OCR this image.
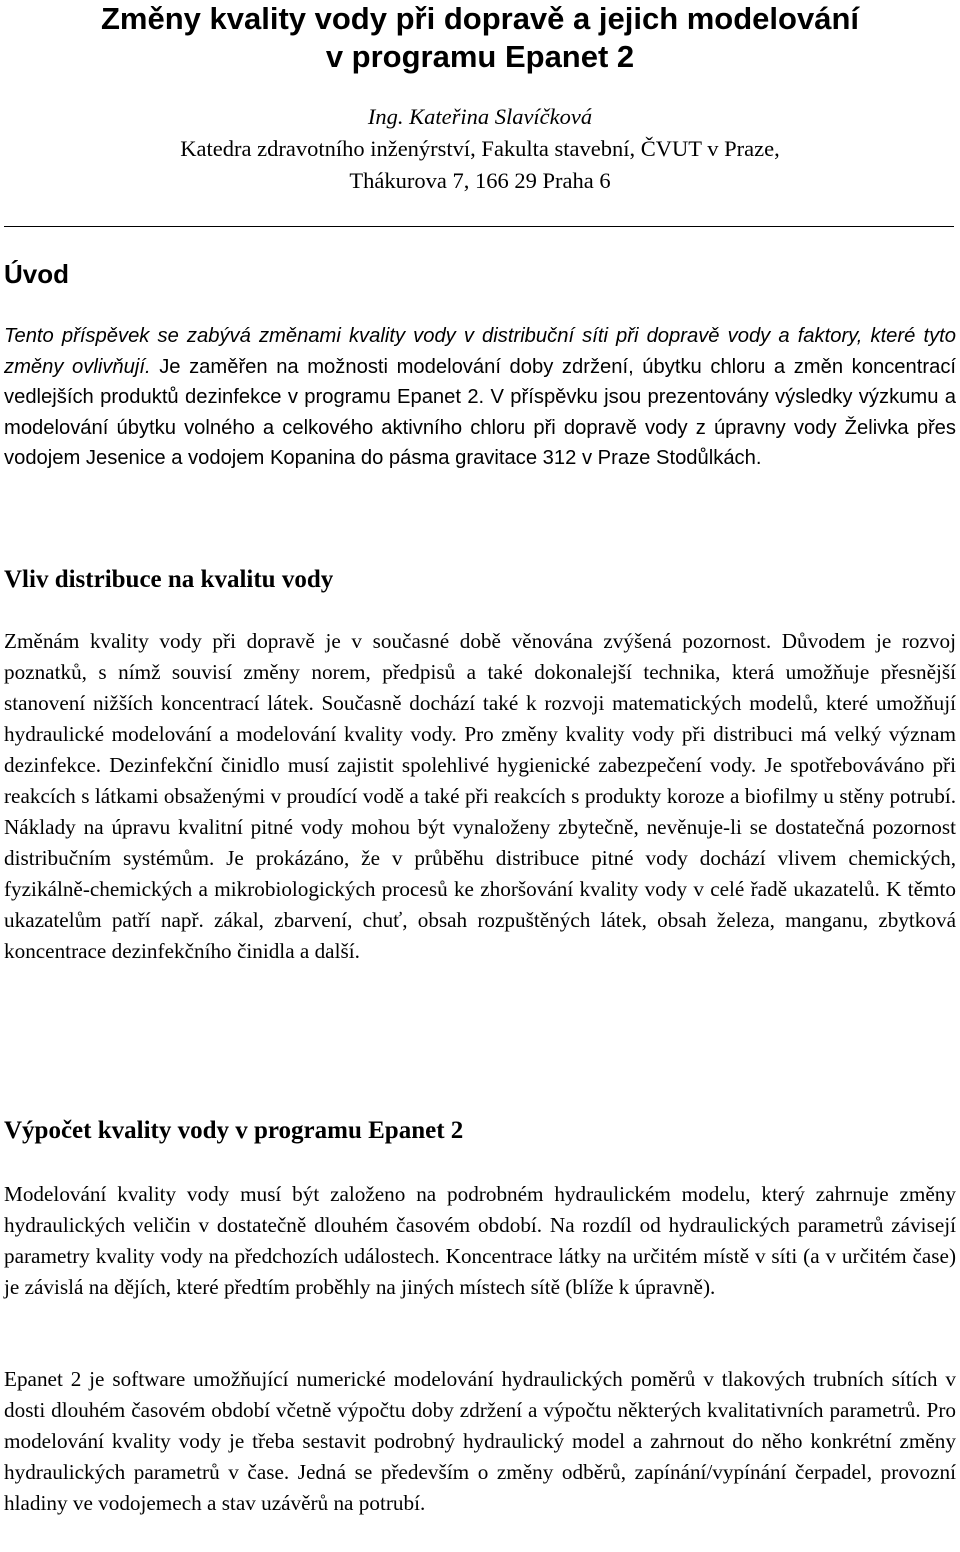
Změny kvality vody při dopravě a jejich modelování
v programu Epanet 2
Ing. Kateřina Slavíčková
Katedra zdravotního inženýrství, Fakulta stavební, ČVUT v Praze,
Thákurova 7, 166 29 Praha 6
Úvod

Tento příspěvek se zabývá změnami kvality vody v distribuční síti při dopravě vody a faktory, které tyto změny ovlivňují. Je zaměřen na možnosti modelování doby zdržení, úbytku chloru a změn koncentrací vedlejších produktů dezinfekce v programu Epanet 2. V příspěvku jsou prezentovány výsledky výzkumu a modelování úbytku volného a celkového aktivního chloru při dopravě vody z úpravny vody Želivka přes vodojem Jesenice a vodojem Kopanina do pásma gravitace 312 v Praze Stodůlkách.

Vliv distribuce na kvalitu vody

Změnám kvality vody při dopravě je v současné době věnována zvýšená pozornost. Důvodem je rozvoj poznatků, s nímž souvisí změny norem, předpisů a také dokonalejší technika, která umožňuje přesnější stanovení nižších koncentrací látek. Současně dochází také k rozvoji matematických modelů, které umožňují hydraulické modelování a modelování kvality vody. Pro změny kvality vody při distribuci má velký význam dezinfekce. Dezinfekční činidlo musí zajistit spolehlivé hygienické zabezpečení vody. Je spotřebováváno při reakcích s látkami obsaženými v proudící vodě a také při reakcích s produkty koroze a biofilmy u stěny potrubí. Náklady na úpravu kvalitní pitné vody mohou být vynaloženy zbytečně, nevěnuje-li se dostatečná pozornost distribučním systémům. Je prokázáno, že v průběhu distribuce pitné vody dochází vlivem chemických, fyzikálně-chemických a mikrobiologických procesů ke zhoršování kvality vody v celé řadě ukazatelů. K těmto ukazatelům patří např. zákal, zbarvení, chuť, obsah rozpuštěných látek, obsah železa, manganu, zbytková koncentrace dezinfekčního činidla a další.

Výpočet kvality vody v programu Epanet 2

Modelování kvality vody musí být založeno na podrobném hydraulickém modelu, který zahrnuje změny hydraulických veličin v dostatečně dlouhém časovém období. Na rozdíl od hydraulických parametrů závisejí parametry kvality vody na předchozích událostech. Koncentrace látky na určitém místě v síti (a v určitém čase) je závislá na dějích, které předtím proběhly na jiných místech sítě (blíže k úpravně).

Epanet 2 je software umožňující numerické modelování hydraulických poměrů v tlakových trubních sítích v dosti dlouhém časovém období včetně výpočtu doby zdržení a výpočtu některých kvalitativních parametrů. Pro modelování kvality vody je třeba sestavit podrobný hydraulický model a zahrnout do něho konkrétní změny hydraulických parametrů v čase. Jedná se především o změny odběrů, zapínání/vypínání čerpadel, provozní hladiny ve vodojemech a stav uzávěrů na potrubí.
